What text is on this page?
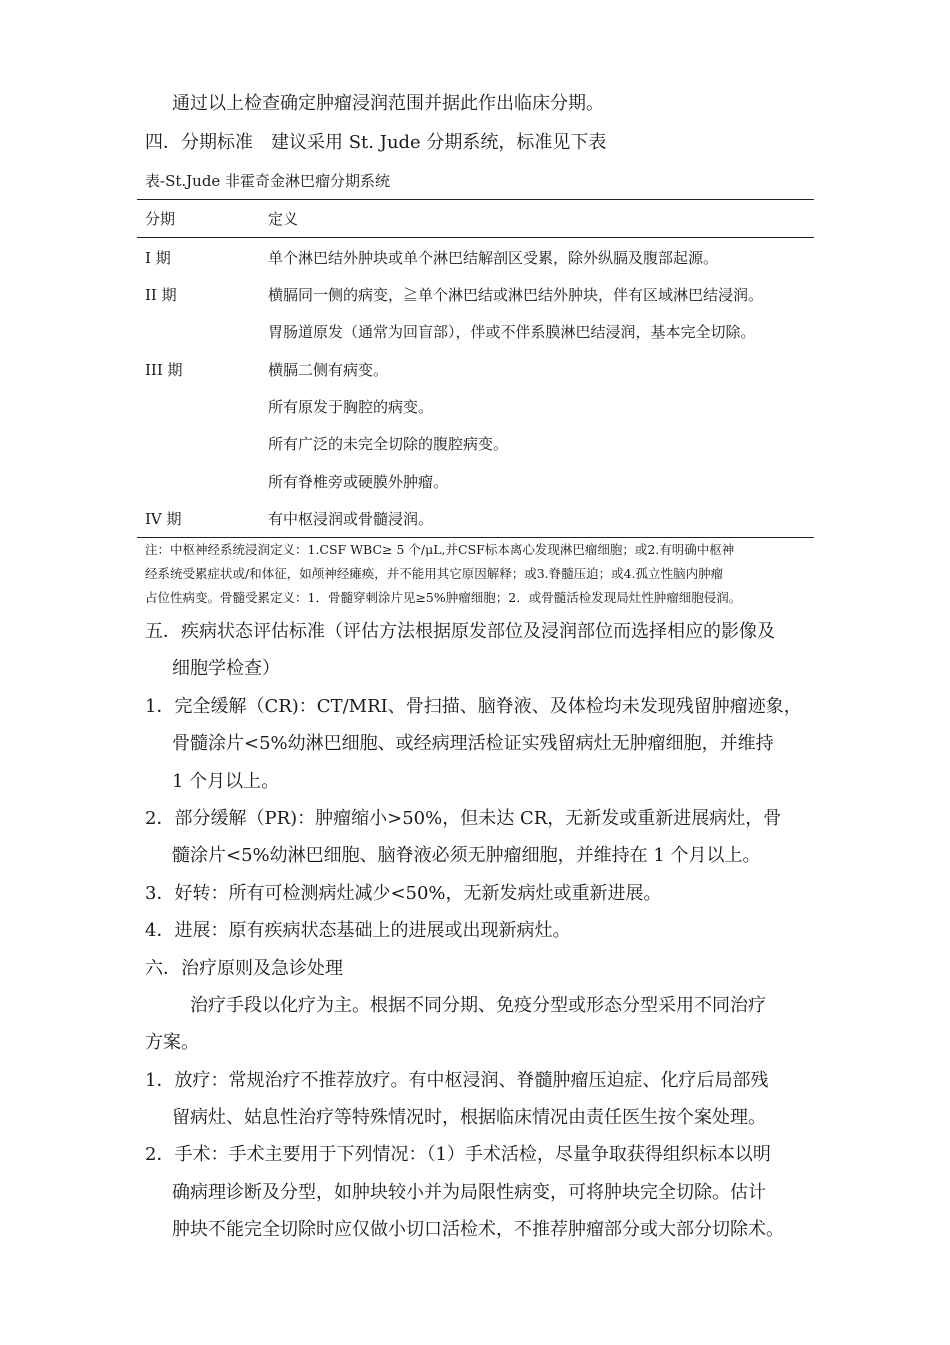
通过以上检查确定肿瘤浸润范围并据此作出临床分期。
四．分期标准　建议采用 St. Jude 分期系统，标准见下表
表-St.Jude 非霍奇金淋巴瘤分期系统
分期	定义
I 期	单个淋巴结外肿块或单个淋巴结解剖区受累，除外纵膈及腹部起源。
II 期	横膈同一侧的病变，≧单个淋巴结或淋巴结外肿块，伴有区域淋巴结浸润。
胃肠道原发（通常为回盲部），伴或不伴系膜淋巴结浸润，基本完全切除。
III 期	横膈二侧有病变。
所有原发于胸腔的病变。
所有广泛的未完全切除的腹腔病变。
所有脊椎旁或硬膜外肿瘤。
IV 期	有中枢浸润或骨髓浸润。
注：中枢神经系统浸润定义：1.CSF WBC≥ 5 个/μL,并CSF标本离心发现淋巴瘤细胞；或2.有明确中枢神
经系统受累症状或/和体征，如颅神经瘫痪，并不能用其它原因解释；或3.脊髓压迫；或4.孤立性脑内肿瘤
占位性病变。骨髓受累定义：1．骨髓穿刺涂片见≥5%肿瘤细胞；2．或骨髓活检发现局灶性肿瘤细胞侵润。
五．疾病状态评估标准（评估方法根据原发部位及浸润部位而选择相应的影像及
细胞学检查）
1．完全缓解（CR)：CT/MRI、骨扫描、脑脊液、及体检均未发现残留肿瘤迹象，
骨髓涂片<5%幼淋巴细胞、或经病理活检证实残留病灶无肿瘤细胞，并维持
1 个月以上。
2．部分缓解（PR)：肿瘤缩小>50%，但未达 CR，无新发或重新进展病灶，骨
髓涂片<5%幼淋巴细胞、脑脊液必须无肿瘤细胞，并维持在 1 个月以上。
3．好转：所有可检测病灶减少<50%，无新发病灶或重新进展。
4．进展：原有疾病状态基础上的进展或出现新病灶。
六．治疗原则及急诊处理
治疗手段以化疗为主。根据不同分期、免疫分型或形态分型采用不同治疗
方案。
1．放疗：常规治疗不推荐放疗。有中枢浸润、脊髓肿瘤压迫症、化疗后局部残
留病灶、姑息性治疗等特殊情况时，根据临床情况由责任医生按个案处理。
2．手术：手术主要用于下列情况：（1）手术活检，尽量争取获得组织标本以明
确病理诊断及分型，如肿块较小并为局限性病变，可将肿块完全切除。估计
肿块不能完全切除时应仅做小切口活检术，不推荐肿瘤部分或大部分切除术。
